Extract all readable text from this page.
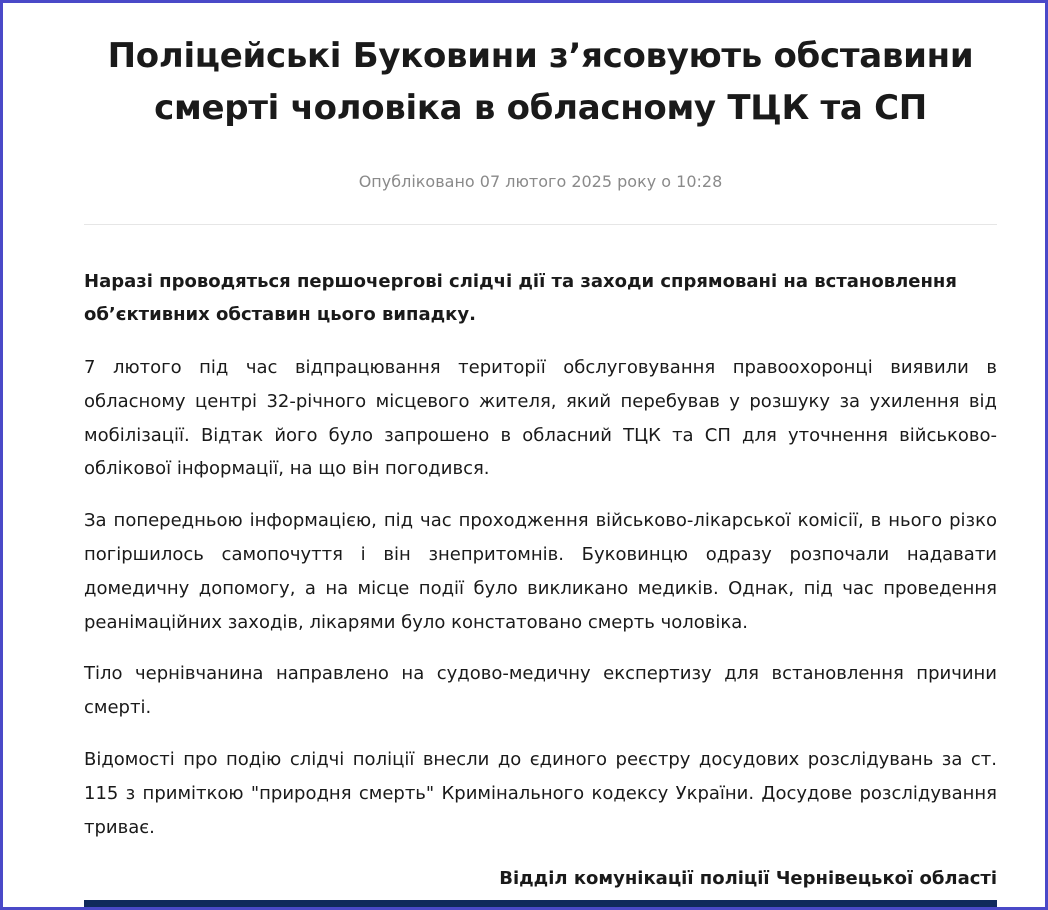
Поліцейські Буковини з’ясовують обставини смерті чоловіка в обласному ТЦК та СП
Опубліковано 07 лютого 2025 року о 10:28

Наразі проводяться першочергові слідчі дії та заходи спрямовані на встановлення об’єктивних обставин цього випадку.

7 лютого під час відпрацювання території обслуговування правоохоронці виявили в обласному центрі 32-річного місцевого жителя, який перебував у розшуку за ухилення від мобілізації. Відтак його було запрошено в обласний ТЦК та СП для уточнення військово-облікової інформації, на що він погодився.

За попередньою інформацією, під час проходження військово-лікарської комісії, в нього різко погіршилось самопочуття і він знепритомнів. Буковинцю одразу розпочали надавати домедичну допомогу, а на місце події було викликано медиків. Однак, під час проведення реанімаційних заходів, лікарями було констатовано смерть чоловіка.

Тіло чернівчанина направлено на судово-медичну експертизу для встановлення причини смерті.

Відомості про подію слідчі поліції внесли до єдиного реєстру досудових розслідувань за ст. 115 з приміткою "природня смерть" Кримінального кодексу України. Досудове розслідування триває.

Відділ комунікації поліції Чернівецької області
